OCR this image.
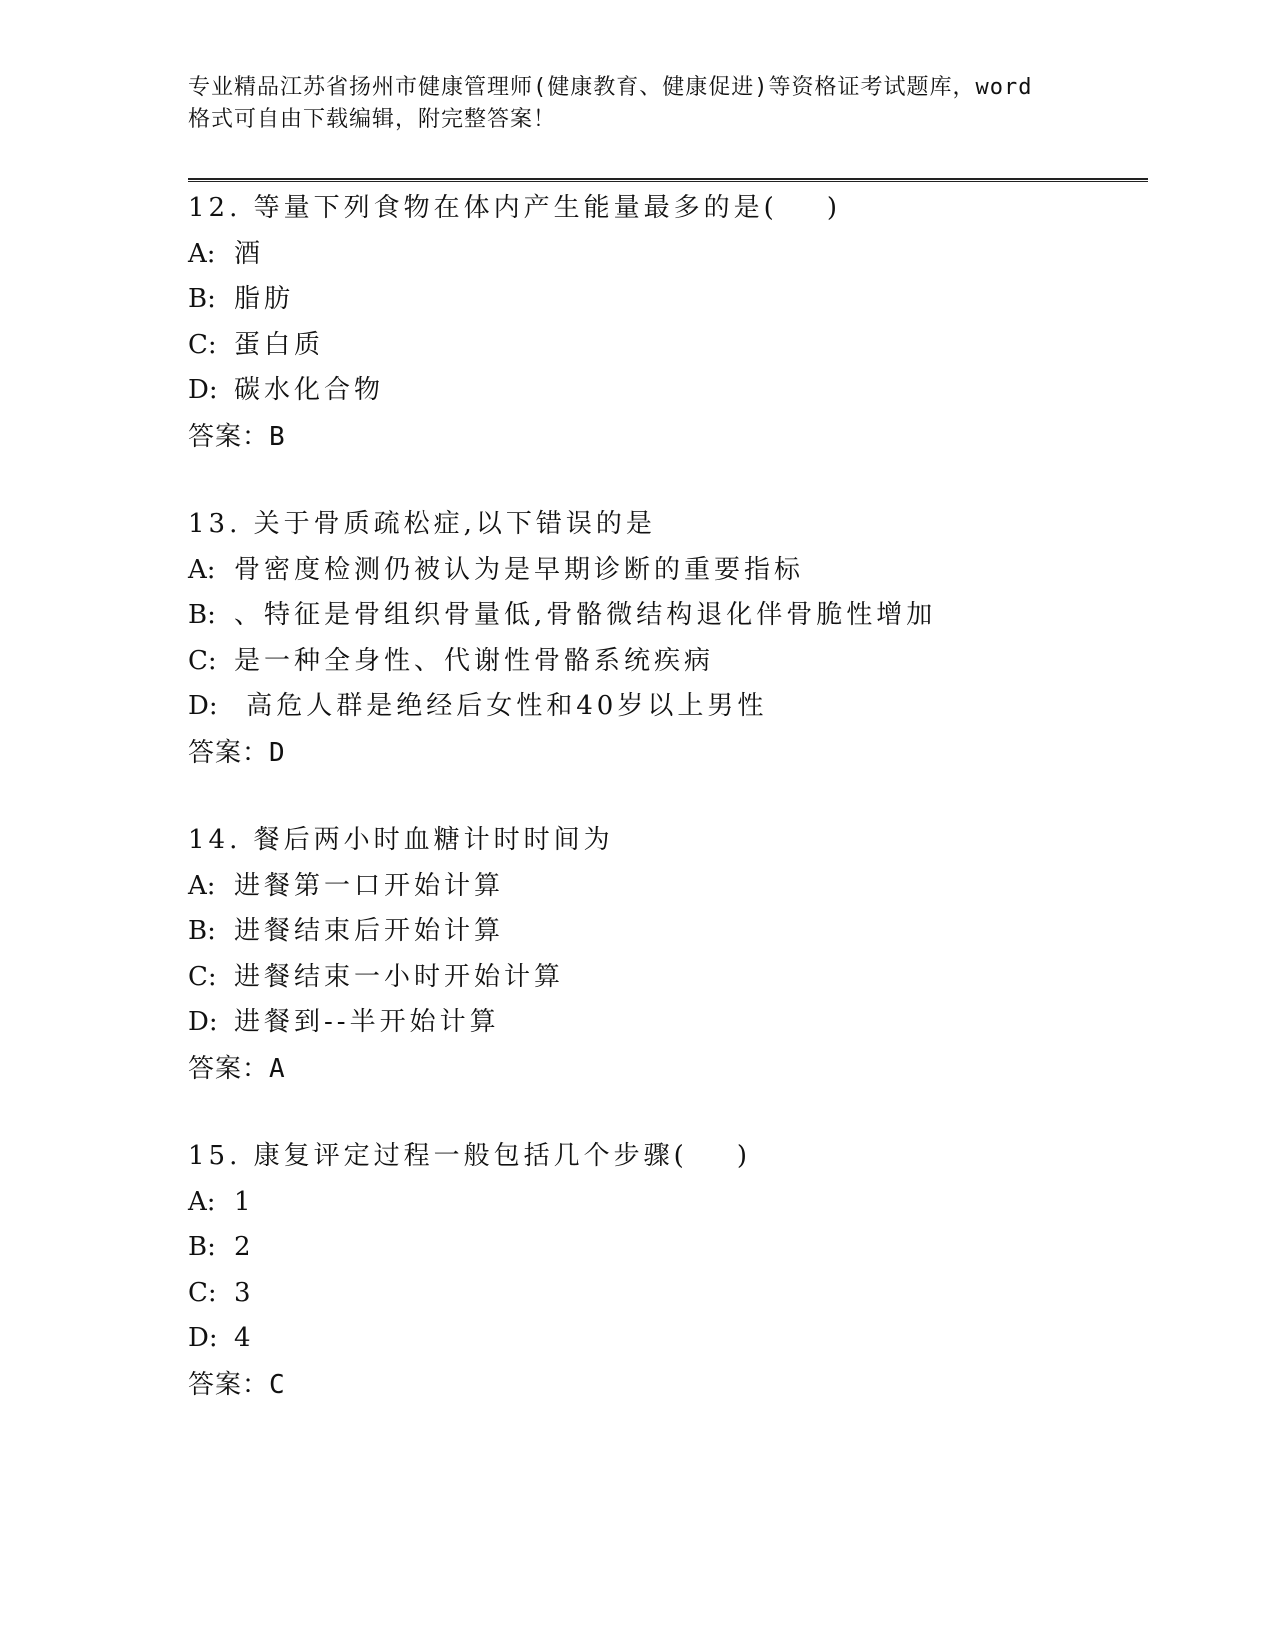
专业精品江苏省扬州市健康管理师(健康教育、健康促进)等资格证考试题库，word
格式可自由下载编辑，附完整答案！
12. 等量下列食物在体内产生能量最多的是(    )
A: 酒
B: 脂肪
C: 蛋白质
D: 碳水化合物
答案：B
13. 关于骨质疏松症,以下错误的是
A: 骨密度检测仍被认为是早期诊断的重要指标
B: 、特征是骨组织骨量低,骨骼微结构退化伴骨脆性增加
C: 是一种全身性、代谢性骨骼系统疾病
D: 高危人群是绝经后女性和40岁以上男性
答案：D
14. 餐后两小时血糖计时时间为
A: 进餐第一口开始计算
B: 进餐结束后开始计算
C: 进餐结束一小时开始计算
D: 进餐到--半开始计算
答案：A
15. 康复评定过程一般包括几个步骤(    )
A: 1
B: 2
C: 3
D: 4
答案：C
